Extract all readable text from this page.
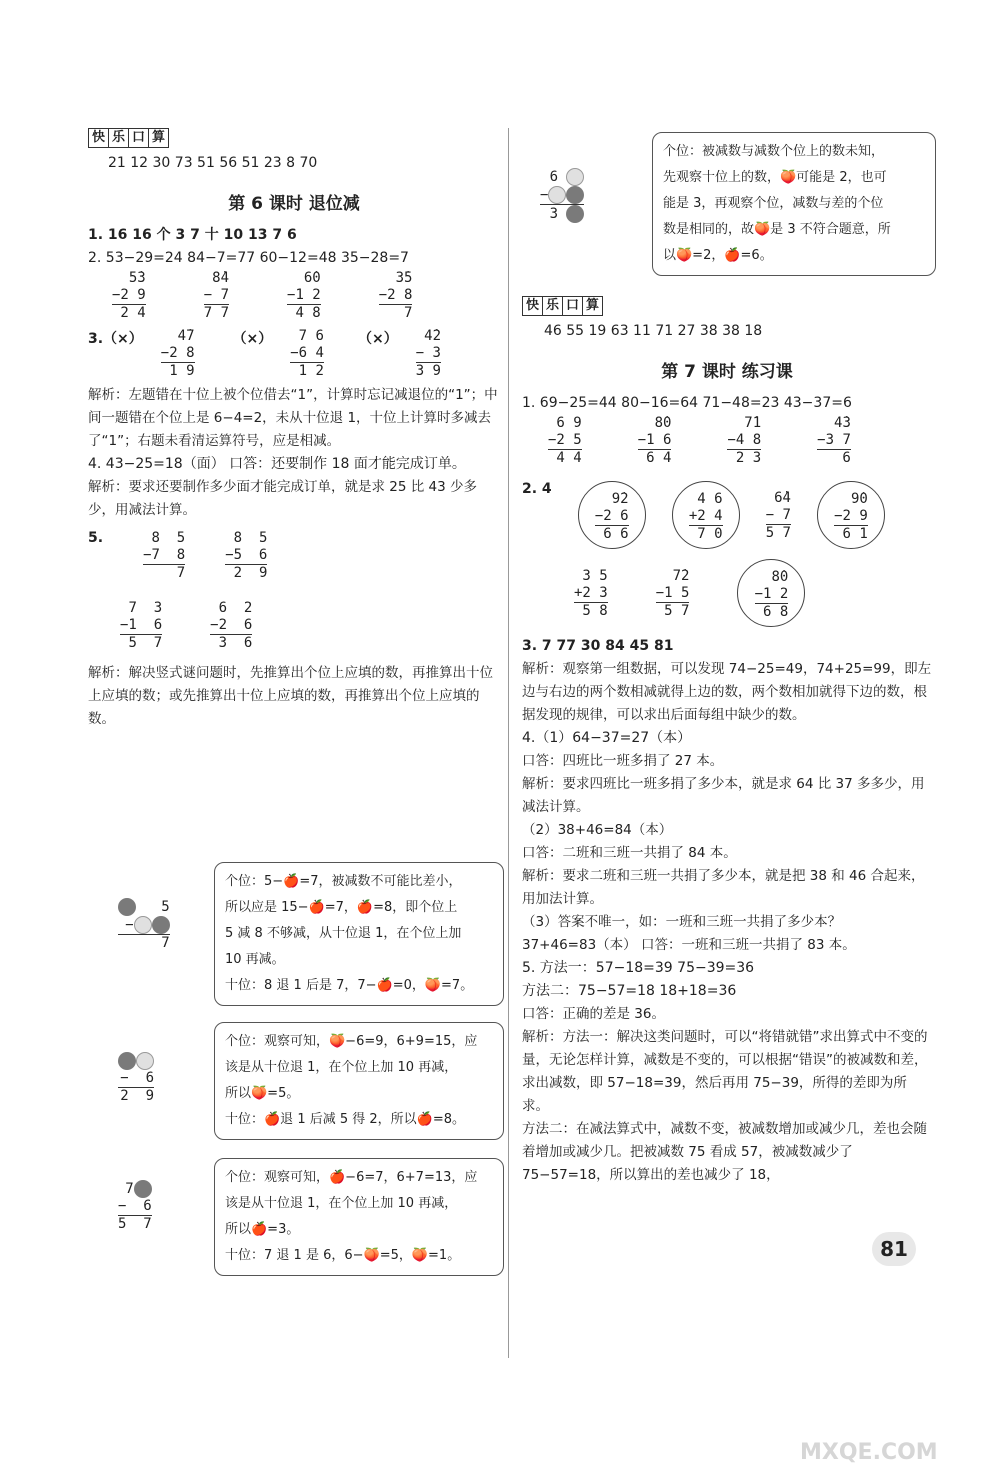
快 乐 口 算
21 12 30 73 51 56 51 23 8 70
第 6 课时 退位减
1. 16 16 个 3 7 十 10 13 7 6
2. 53−29=24 84−7=77 60−12=48 35−28=7
5̇3
−2 9
2 4
8̇4
− 7
7 7
6̇0
−1 2
4 8
3̇5
−2 8
7
3.（×）	4̇7
−2 8
1 9
（×）	7 6
−6 4
1 2
（×）	4̇2
− 3
3 9
解析：左题错在十位上被个位借去“1”，计算时忘记减退位的“1”；中间一题错在个位上是 6−4=2，未从十位退 1，十位上计算时多减去了“1”；右题未看清运算符号，应是相减。
4. 43−25=18（面） 口答：还要制作 18 面才能完成订单。
解析：要求还要制作多少面才能完成订单，就是求 25 比 43 少多少，用减法计算。
5.	8  5
−7  8
7
8  5
−5  6
2  9
7  3
−1  6
5  7
6  2
−2  6
3  6
解析：解决竖式谜问题时，先推算出个位上应填的数，再推算出十位上应填的数；或先推算出十位上应填的数，再推算出个位上应填的数。
5
−
7
个位：5−🍎=7，被减数不可能比差小，
所以应是 15−🍎=7，🍎=8，即个位上
5 减 8 不够减，从十位退 1，在个位上加
10 再减。
十位：8 退 1 后是 7，7−🍎=0，🍑=7。
$\frac{- 6}{2 9}$
个位：观察可知，🍑−6=9，6+9=15，应
该是从十位退 1，在个位上加 10 再减，
所以🍑=5。
十位：🍎退 1 后减 5 得 2，所以🍎=8。
7
−  6
5  7
个位：观察可知，🍎−6=7，6+7=13，应
该是从十位退 1，在个位上加 10 再减，
所以🍎=3。
十位：7 退 1 是 6，6−🍑=5，🍑=1。
6
−
3
个位：被减数与减数个位上的数未知，
先观察十位上的数，🍑可能是 2，也可
能是 3，再观察个位，减数与差的个位
数是相同的，故🍑是 3 不符合题意，所
以🍑=2，🍎=6。
快 乐 口 算
46 55 19 63 11 71 27 38 38 18
第 7 课时 练习课
1. 69−25=44 80−16=64 71−48=23 43−37=6
6 9
−2 5
4 4
8̇0
−1 6
6 4
7̇1
−4 8
2 3
4̇3
−3 7
6
2. 4
9̇2
−2 6
6 6
4 6
+2 4
7 0
6̇4
− 7
5 7
9̇0
−2 9
6 1
3 5
+2 3
5 8
7̇2
−1 5
5 7
8̇0
−1 2
6 8
3. 7 77 30 84 45 81
解析：观察第一组数据，可以发现 74−25=49，74+25=99，即左边与右边的两个数相减就得上边的数，两个数相加就得下边的数，根据发现的规律，可以求出后面每组中缺少的数。
4.（1）64−37=27（本）
口答：四班比一班多捐了 27 本。
解析：要求四班比一班多捐了多少本，就是求 64 比 37 多多少，用减法计算。
（2）38+46=84（本）
口答：二班和三班一共捐了 84 本。
解析：要求二班和三班一共捐了多少本，就是把 38 和 46 合起来，用加法计算。
（3）答案不唯一，如：一班和三班一共捐了多少本？
37+46=83（本） 口答：一班和三班一共捐了 83 本。
5. 方法一：57−18=39 75−39=36
方法二：75−57=18 18+18=36
口答：正确的差是 36。
解析：方法一：解决这类问题时，可以“将错就错”求出算式中不变的量，无论怎样计算，减数是不变的，可以根据“错误”的被减数和差，求出减数，即 57−18=39，然后再用 75−39，所得的差即为所求。
方法二：在减法算式中，减数不变，被减数增加或减少几，差也会随着增加或减少几。把被减数 75 看成 57，被减数减少了 75−57=18，所以算出的差也减少了 18，
81
MXQE.COM
